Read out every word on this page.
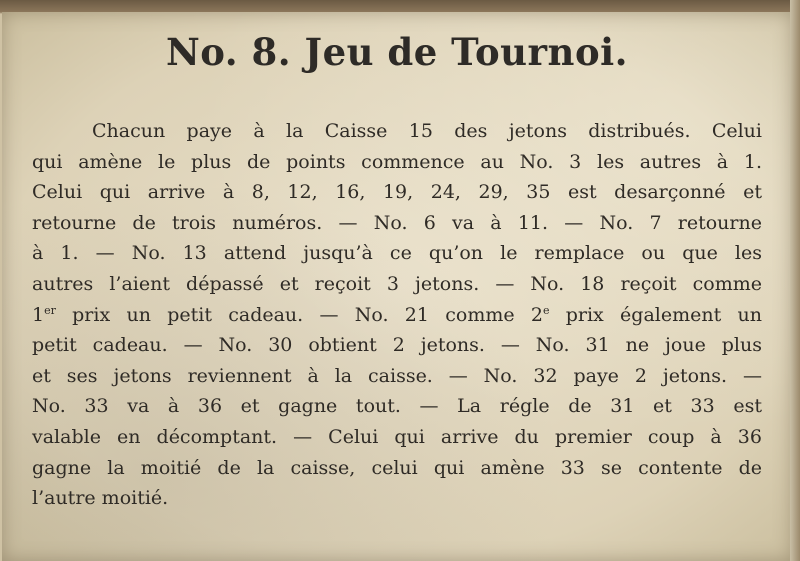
No. 8. Jeu de Tournoi.
Chacun paye à la Caisse 15 des jetons distribués. Celui
qui amène le plus de points commence au No. 3 les autres à 1.
Celui qui arrive à 8, 12, 16, 19, 24, 29, 35 est desarçonné et
retourne de trois numéros. — No. 6 va à 11. — No. 7 retourne
à 1. — No. 13 attend jusqu’à ce qu’on le remplace ou que les
autres l’aient dépassé et reçoit 3 jetons. — No. 18 reçoit comme
1er prix un petit cadeau. — No. 21 comme 2e prix également un
petit cadeau. — No. 30 obtient 2 jetons. — No. 31 ne joue plus
et ses jetons reviennent à la caisse. — No. 32 paye 2 jetons. —
No. 33 va à 36 et gagne tout. — La régle de 31 et 33 est
valable en décomptant. — Celui qui arrive du premier coup à 36
gagne la moitié de la caisse, celui qui amène 33 se contente de
l’autre moitié.
